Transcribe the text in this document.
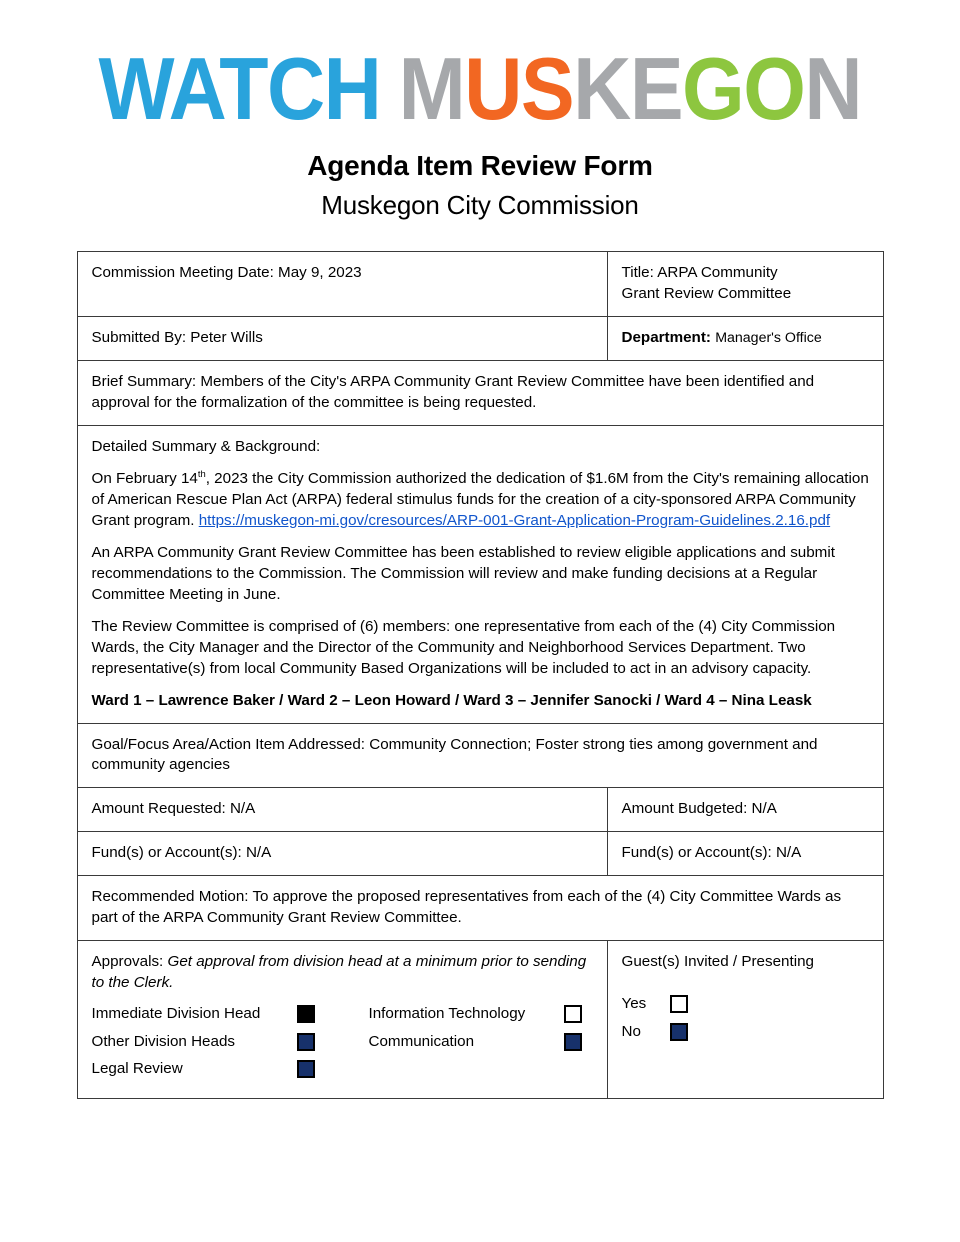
WATCH MUSKEGON
Agenda Item Review Form
Muskegon City Commission

Commission Meeting Date: May 9, 2023	Title: ARPA Community

Grant Review Committee

Submitted By: Peter Wills	Department: Manager's Office

Brief Summary: Members of the City's ARPA Community Grant Review Committee have been identified and approval for the formalization of the committee is being requested.

Detailed Summary & Background:

On February 14th, 2023 the City Commission authorized the dedication of $1.6M from the City's remaining allocation of American Rescue Plan Act (ARPA) federal stimulus funds for the creation of a city-sponsored ARPA Community Grant program. https://muskegon-mi.gov/cresources/ARP-001-Grant-Application-Program-Guidelines.2.16.pdf

An ARPA Community Grant Review Committee has been established to review eligible applications and submit recommendations to the Commission. The Commission will review and make funding decisions at a Regular Committee Meeting in June.

The Review Committee is comprised of (6) members: one representative from each of the (4) City Commission Wards, the City Manager and the Director of the Community and Neighborhood Services Department. Two representative(s) from local Community Based Organizations will be included to act in an advisory capacity.

Ward 1 – Lawrence Baker / Ward 2 – Leon Howard / Ward 3 – Jennifer Sanocki / Ward 4 – Nina Leask

Goal/Focus Area/Action Item Addressed: Community Connection; Foster strong ties among government and community agencies

Amount Requested: N/A	Amount Budgeted: N/A

Fund(s) or Account(s): N/A	Fund(s) or Account(s): N/A

Recommended Motion: To approve the proposed representatives from each of the (4) City Committee Wards as part of the ARPA Community Grant Review Committee.

Approvals: Get approval from division head at a minimum prior to sending to the Clerk.

Immediate Division Head		Information Technology	
Other Division Heads		Communication	
Legal Review			

Guest(s) Invited / Presenting

Yes	
No	
